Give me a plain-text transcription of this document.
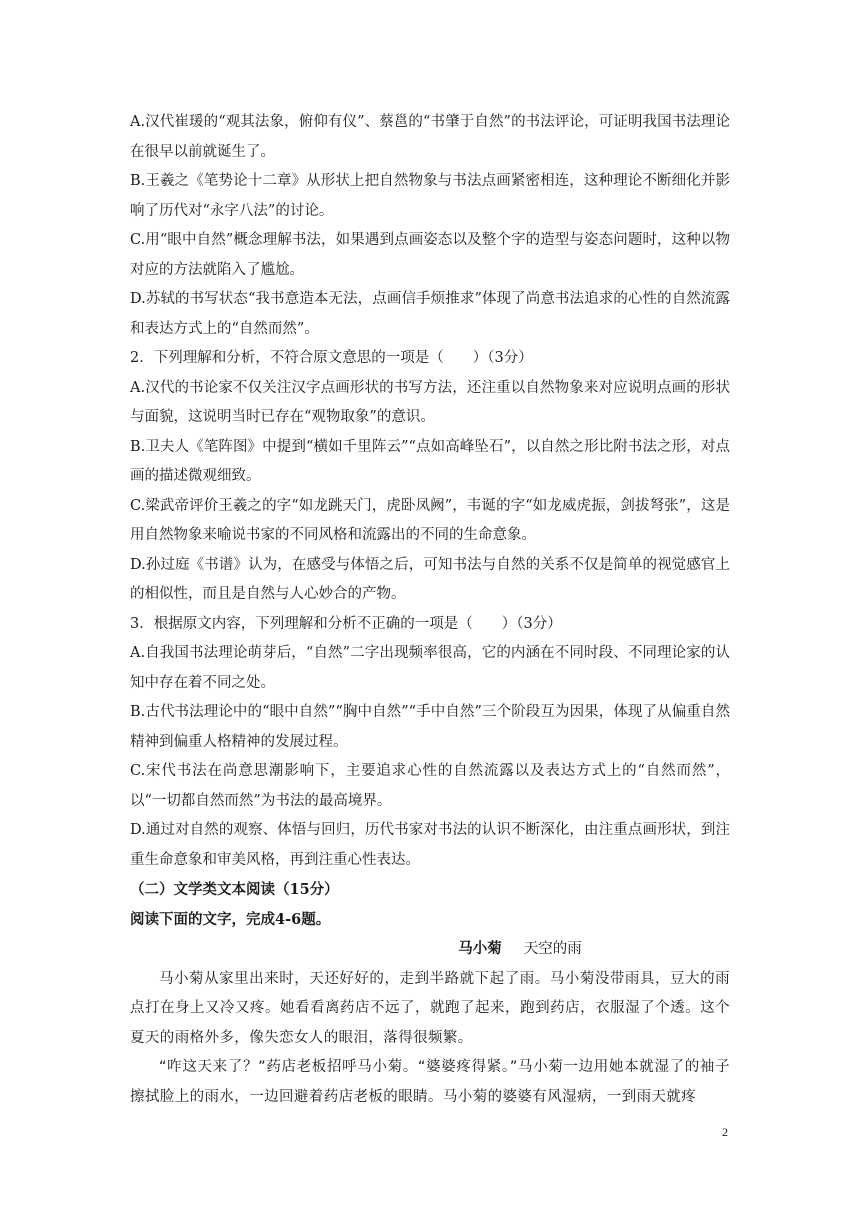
A.汉代崔瑗的“观其法象，俯仰有仪”、蔡邕的“书肇于自然”的书法评论，可证明我国书法理论在很早以前就诞生了。

B.王羲之《笔势论十二章》从形状上把自然物象与书法点画紧密相连，这种理论不断细化并影响了历代对“永字八法”的讨论。

C.用“眼中自然”概念理解书法，如果遇到点画姿态以及整个字的造型与姿态问题时，这种以物对应的方法就陷入了尴尬。

D.苏轼的书写状态“我书意造本无法，点画信手烦推求”体现了尚意书法追求的心性的自然流露和表达方式上的“自然而然”。

2．下列理解和分析，不符合原文意思的一项是（　　）（3分）

A.汉代的书论家不仅关注汉字点画形状的书写方法，还注重以自然物象来对应说明点画的形状与面貌，这说明当时已存在“观物取象”的意识。

B.卫夫人《笔阵图》中提到“横如千里阵云”“点如高峰坠石”，以自然之形比附书法之形，对点画的描述微观细致。

C.梁武帝评价王羲之的字“如龙跳天门，虎卧凤阙”，韦诞的字“如龙威虎振，剑拔弩张”，这是用自然物象来喻说书家的不同风格和流露出的不同的生命意象。

D.孙过庭《书谱》认为，在感受与体悟之后，可知书法与自然的关系不仅是简单的视觉感官上的相似性，而且是自然与人心妙合的产物。

3．根据原文内容，下列理解和分析不正确的一项是（　　）（3分）

A.自我国书法理论萌芽后，“自然”二字出现频率很高，它的内涵在不同时段、不同理论家的认知中存在着不同之处。

B.古代书法理论中的“眼中自然”“胸中自然”“手中自然”三个阶段互为因果，体现了从偏重自然精神到偏重人格精神的发展过程。

C.宋代书法在尚意思潮影响下，主要追求心性的自然流露以及表达方式上的“自然而然”，以“一切都自然而然”为书法的最高境界。

D.通过对自然的观察、体悟与回归，历代书家对书法的认识不断深化，由注重点画形状，到注重生命意象和审美风格，再到注重心性表达。

（二）文学类文本阅读（15分）

阅读下面的文字，完成4-6题。

马小菊 天空的雨

马小菊从家里出来时，天还好好的，走到半路就下起了雨。马小菊没带雨具，豆大的雨点打在身上又冷又疼。她看看离药店不远了，就跑了起来，跑到药店，衣服湿了个透。这个夏天的雨格外多，像失恋女人的眼泪，落得很频繁。

“咋这天来了？”药店老板招呼马小菊。“婆婆疼得紧。”马小菊一边用她本就湿了的袖子擦拭脸上的雨水，一边回避着药店老板的眼睛。马小菊的婆婆有风湿病，一到雨天就疼

2
